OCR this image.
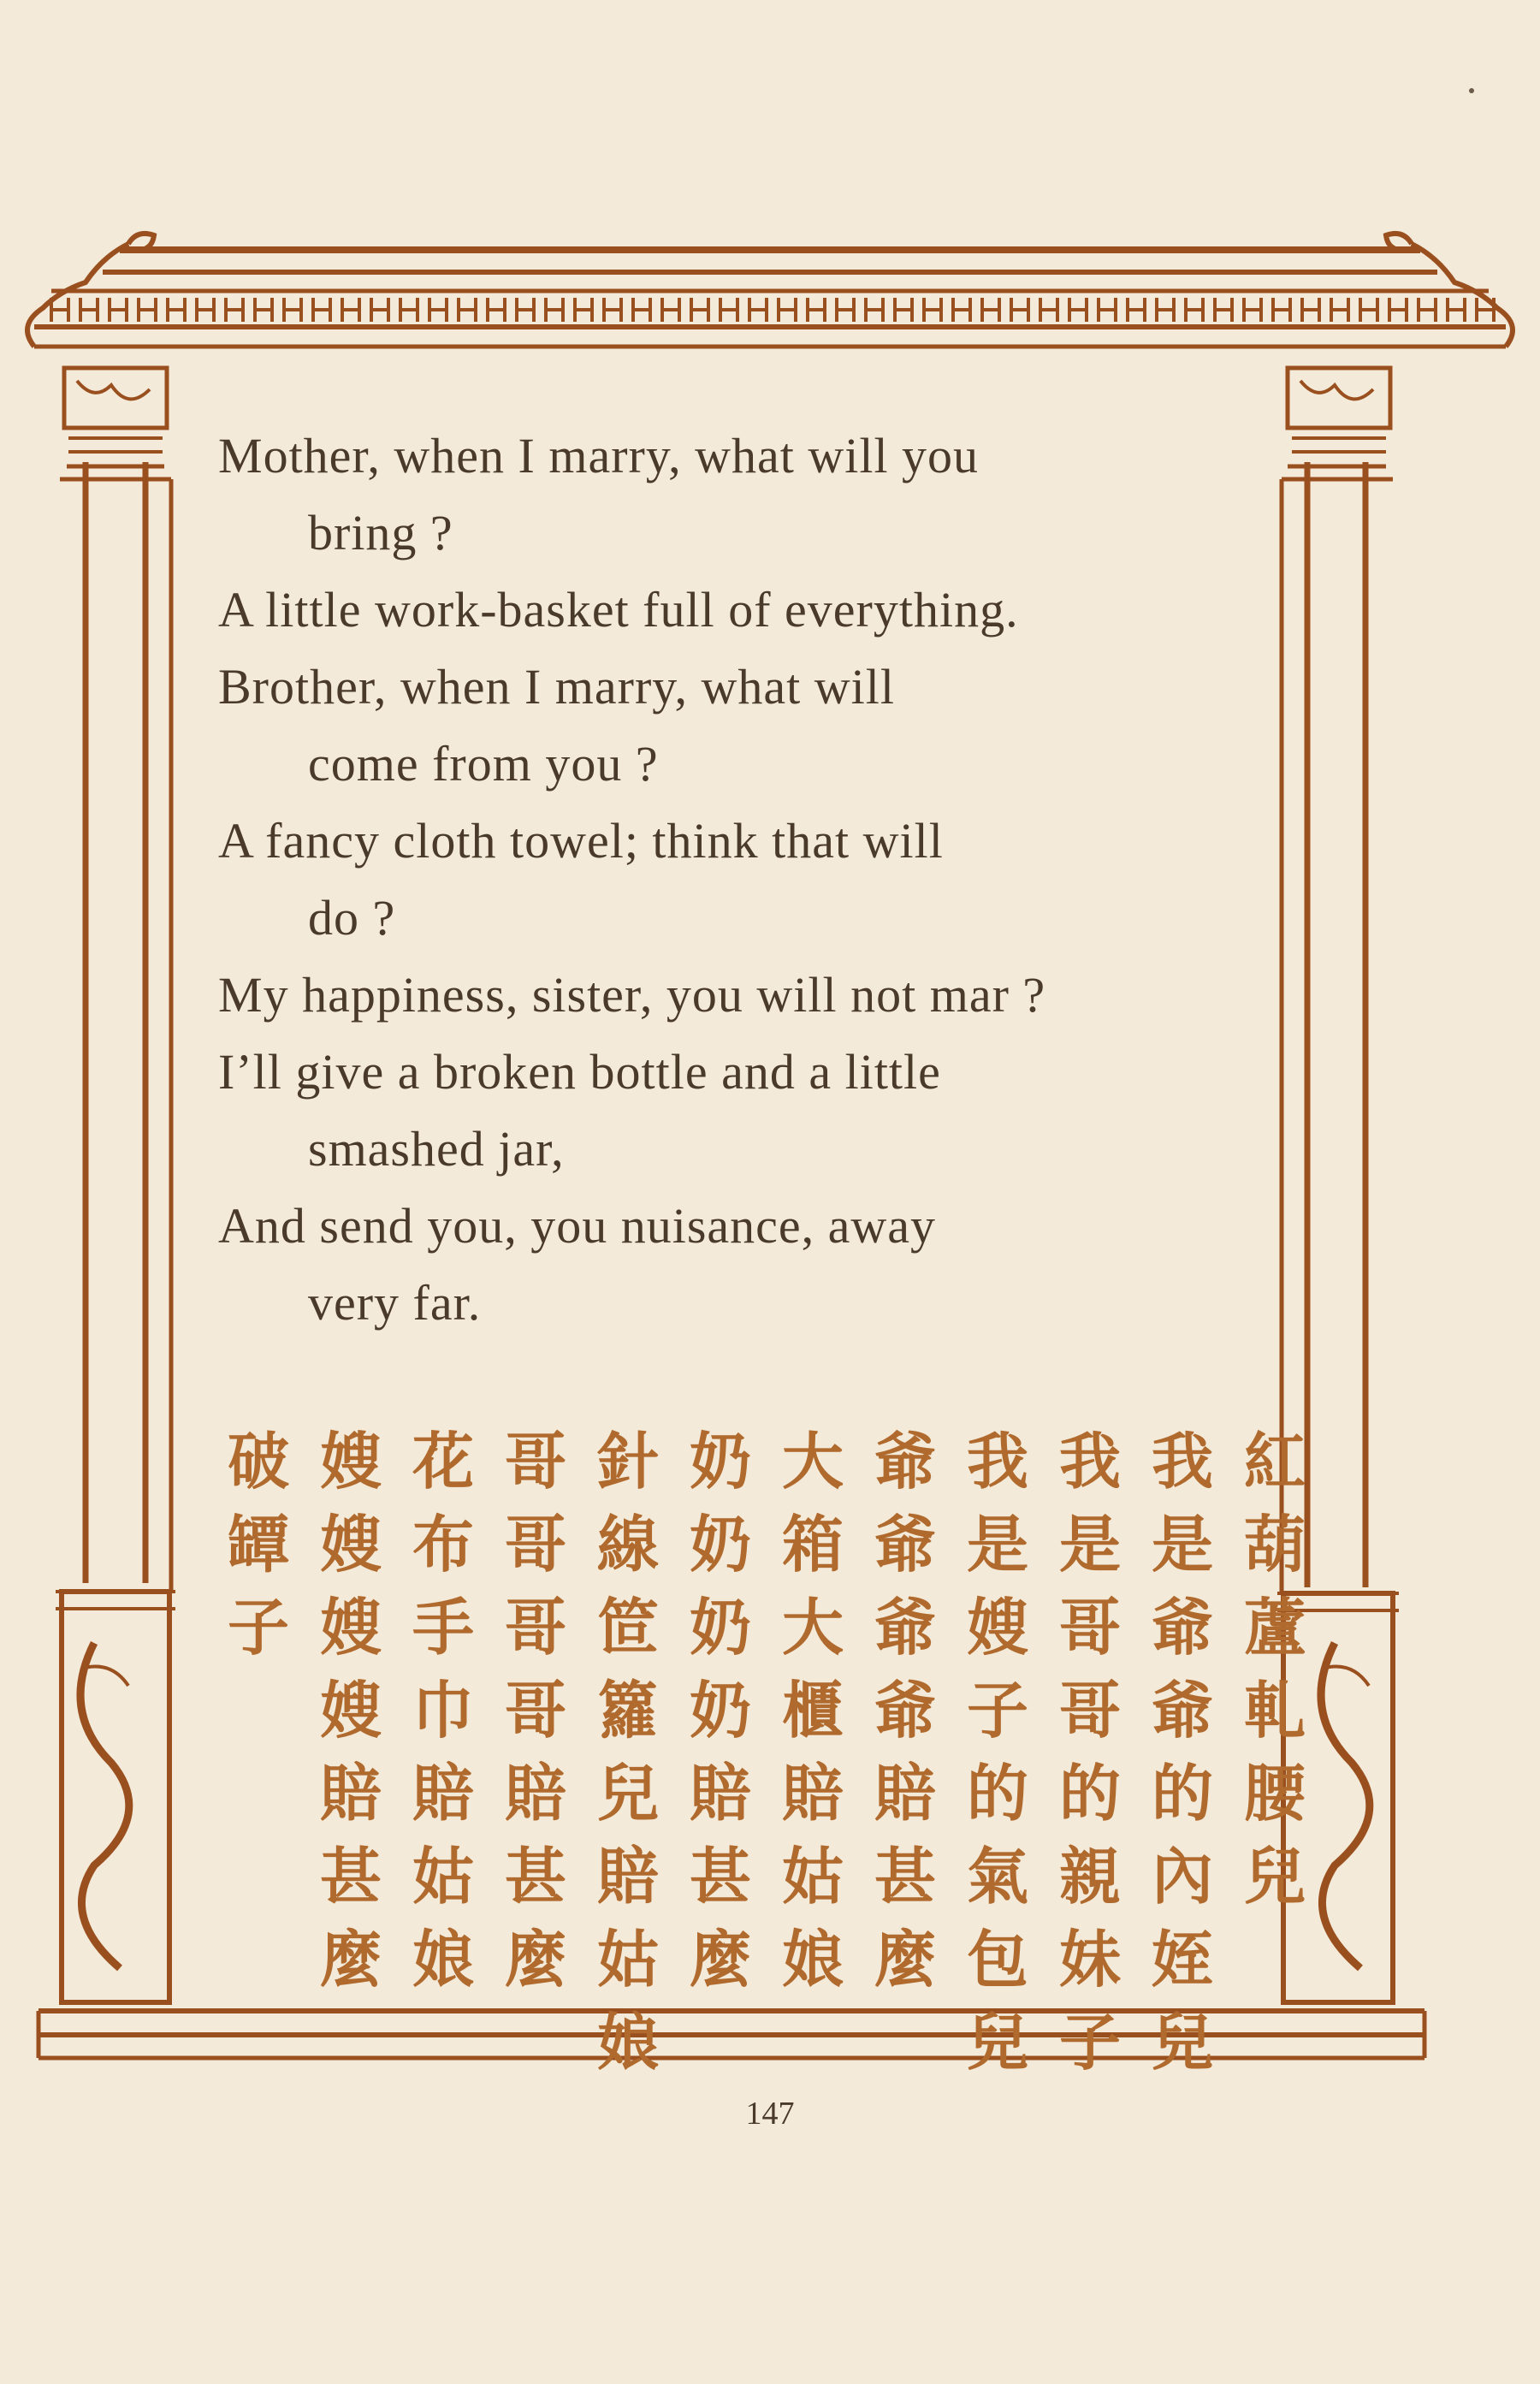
Mother, when I marry, what will you
bring ?
A little work-basket full of everything.
Brother, when I marry, what will
come from you ?
A fancy cloth towel; think that will
do ?
My happiness, sister, you will not mar ?
I’ll give a broken bottle and a little
smashed jar,
And send you, you nuisance, away
very far.
紅
葫
蘆
軋
腰
兒
我
是
爺
爺
的
內
姪
兒
我
是
哥
哥
的
親
妹
子
我
是
嫂
子
的
氣
包
兒
爺
爺
爺
爺
賠
甚
麼
大
箱
大
櫃
賠
姑
娘
奶
奶
奶
奶
賠
甚
麼
針
線
笸
籮
兒
賠
姑
娘
哥
哥
哥
哥
賠
甚
麼
花
布
手
巾
賠
姑
娘
嫂
嫂
嫂
嫂
賠
甚
麼
破
罈
子
147
